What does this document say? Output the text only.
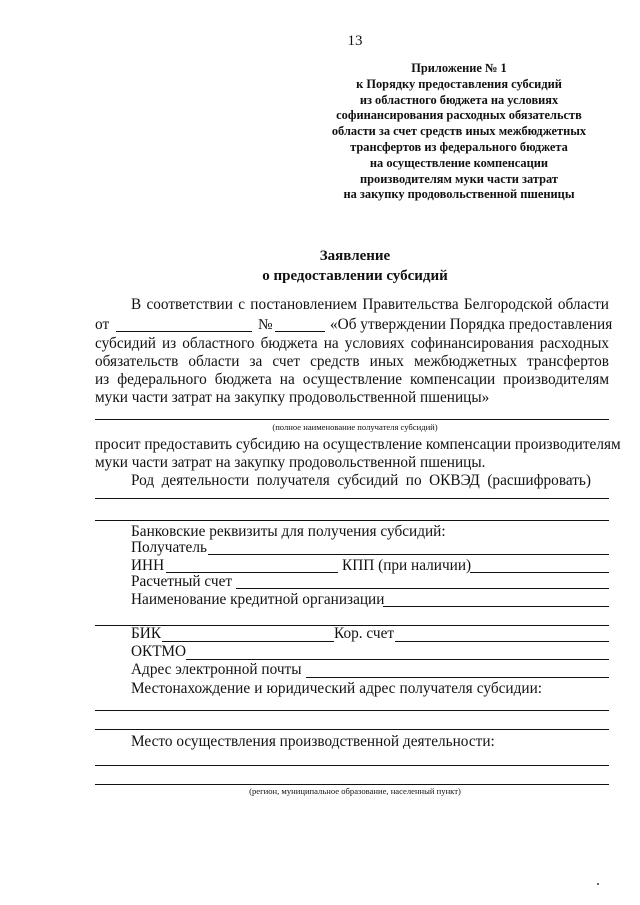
13
Приложение № 1
к Порядку предоставления субсидий
из областного бюджета на условиях
софинансирования расходных обязательств
области за счет средств иных межбюджетных
трансфертов из федерального бюджета
на осуществление компенсации
производителям муки части затрат
на закупку продовольственной пшеницы
Заявление
о предоставлении субсидий
В соответствии с постановлением Правительства Белгородской области
от	№	«Об утверждении Порядка предоставления
субсидий из областного бюджета на условиях софинансирования расходных
обязательств области за счет средств иных межбюджетных трансфертов
из федерального бюджета на осуществление компенсации производителям
муки части затрат на закупку продовольственной пшеницы»
(полное наименование получателя субсидий)
просит предоставить субсидию на осуществление компенсации производителям
муки части затрат на закупку продовольственной пшеницы.
Род деятельности получателя субсидий по ОКВЭД (расшифровать)
Банковские реквизиты для получения субсидий:
Получатель
ИНН	КПП (при наличии)
Расчетный счет
Наименование кредитной организации
БИК	Кор. счет
ОКТМО
Адрес электронной почты
Местонахождение и юридический адрес получателя субсидии:
Место осуществления производственной деятельности:
(регион, муниципальное образование, населенный пункт)
